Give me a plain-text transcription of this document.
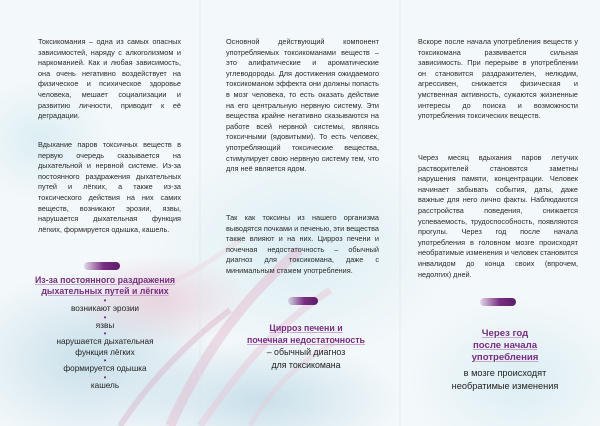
Токсикомания – одна из самых опасных зависимостей, наряду с алкоголизмом и наркоманией. Как и любая зависимость, она очень негативно воздействует на физическое и психическое здоровье человека, мешает социализации и развитию личности, приводит к её деградации.

Вдыхание паров токсичных веществ в первую очередь сказывается на дыхательной и нервной системе. Из-за постоянного раздражения дыхательных путей и лёгких, а также из-за токсического действия на них самих веществ, возникают эрозии, язвы, нарушается дыхательная функция лёгких, формируется одышка, кашель.

Из-за постоянного раздражения
дыхательных путей и лёгких
•
возникают эрозии
•
язвы
•
нарушается дыхательная
функция лёгких
•
формируется одышка
•
кашель

Основной действующий компонент употребляемых токсикоманами веществ – это алифатические и ароматические углеводороды. Для достижения ожидаемого токсикоманом эффекта они должны попасть в мозг человека, то есть оказать действие на его центральную нервную систему. Эти вещества крайне негативно сказываются на работе всей нервной системы, являясь токсичными (ядовитыми). То есть человек, употребляющий токсические вещества, стимулирует свою нервную систему тем, что для неё является ядом.

Так как токсины из нашего организма выводятся почками и печенью, эти вещества также влияют и на них. Цирроз печени и почечная недостаточность – обычный диагноз для токсикомана, даже с минимальным стажем употребления.

Цирроз печени и
почечная недостаточность
– обычный диагноз
для токсикомана

Вскоре после начала употребления веществ у токсикомана развивается сильная зависимость. При перерыве в употреблении он становится раздражителен, нелюдим, агрессивен, снижается физическая и умственная активность, сужаются жизненные интересы до поиска и возможности употребления токсических веществ.

Через месяц вдыхания паров летучих растворителей становятся заметны нарушения памяти, концентрации. Человек начинает забывать события, даты, даже важные для него лично факты. Наблюдаются расстройства поведения, снижается успеваемость, трудоспособность, появляются прогулы. Через год после начала употребления в головном мозге происходят необратимые изменения и человек становится инвалидом до конца своих (впрочем, недолгих) дней.

Через год
после начала
употребления
в мозге происходят
необратимые изменения
